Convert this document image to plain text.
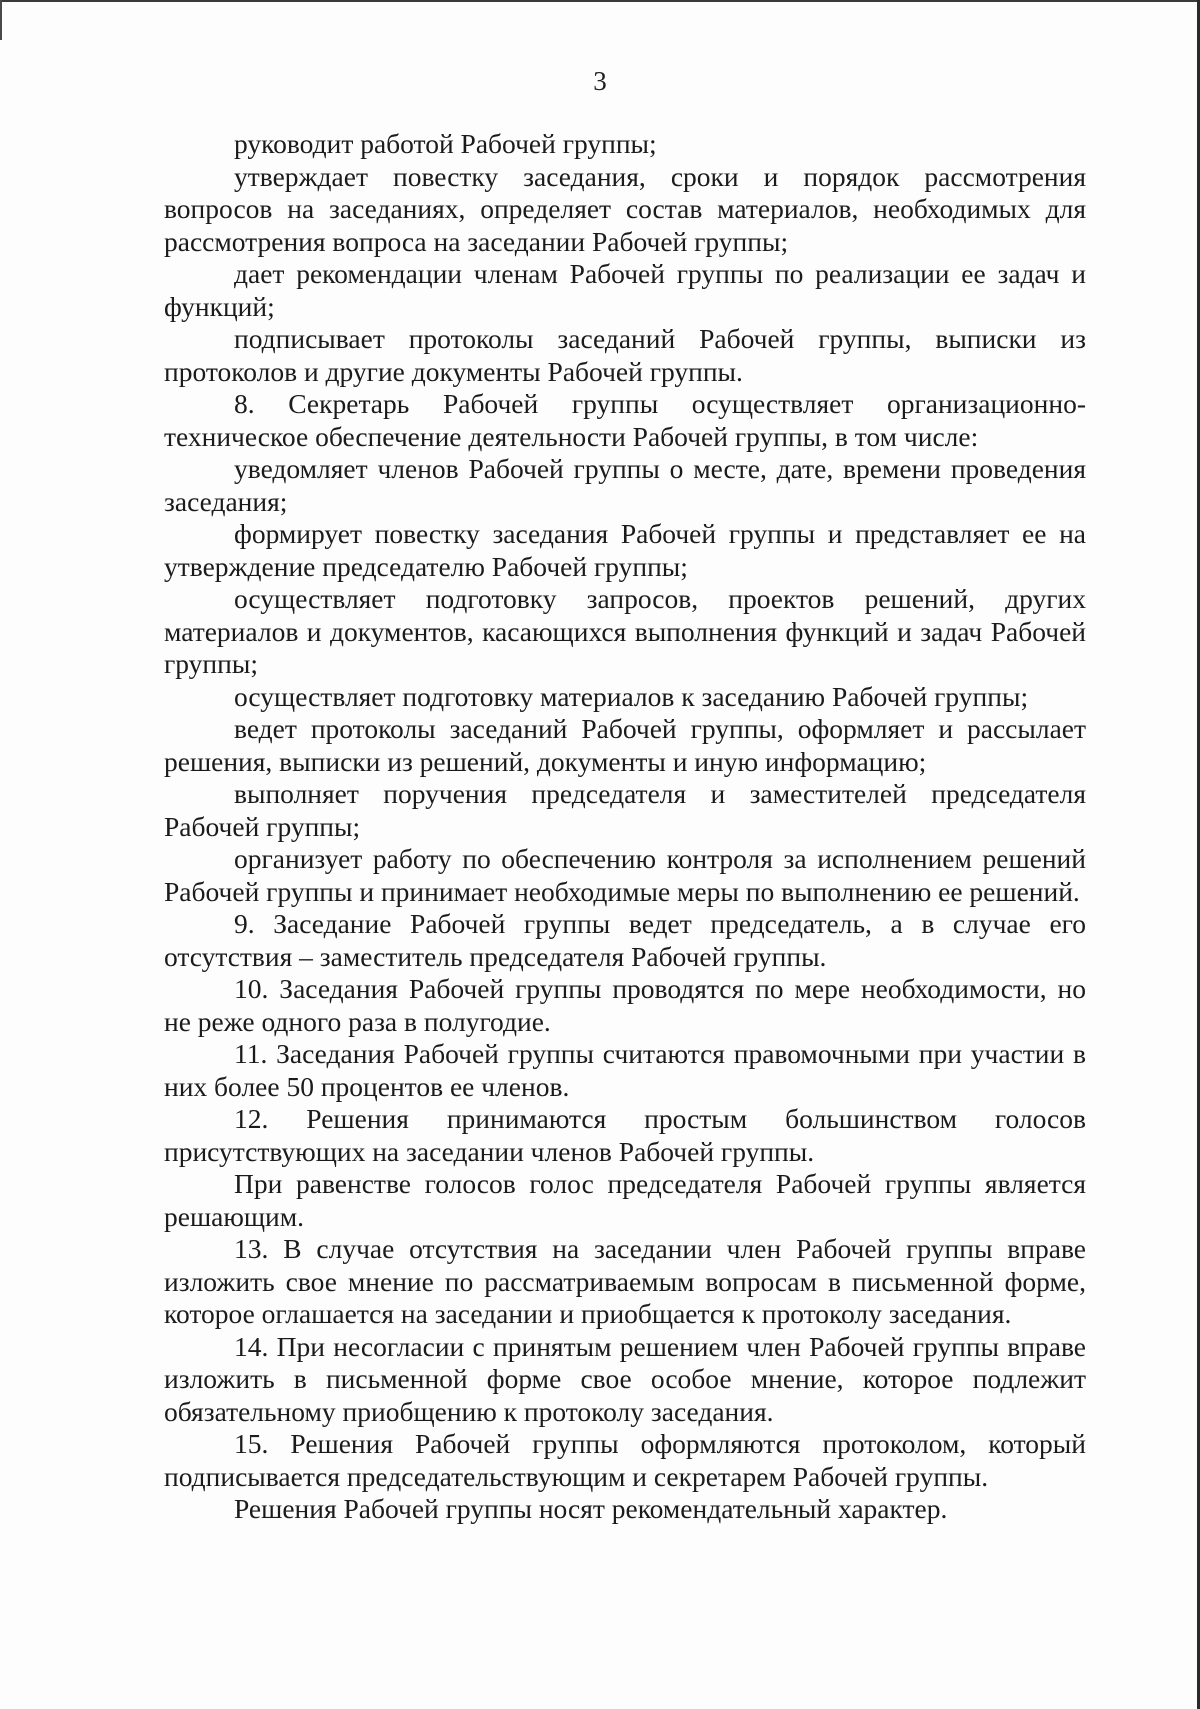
3

руководит работой Рабочей группы;

утверждает повестку заседания, сроки и порядок рассмотрения вопросов на заседаниях, определяет состав материалов, необходимых для рассмотрения вопроса на заседании Рабочей группы;

дает рекомендации членам Рабочей группы по реализации ее задач и функций;

подписывает протоколы заседаний Рабочей группы, выписки из протоколов и другие документы Рабочей группы.

8. Секретарь Рабочей группы осуществляет организационно-техническое обеспечение деятельности Рабочей группы, в том числе:

уведомляет членов Рабочей группы о месте, дате, времени проведения заседания;

формирует повестку заседания Рабочей группы и представляет ее на утверждение председателю Рабочей группы;

осуществляет подготовку запросов, проектов решений, других материалов и документов, касающихся выполнения функций и задач Рабочей группы;

осуществляет подготовку материалов к заседанию Рабочей группы;

ведет протоколы заседаний Рабочей группы, оформляет и рассылает решения, выписки из решений, документы и иную информацию;

выполняет поручения председателя и заместителей председателя Рабочей группы;

организует работу по обеспечению контроля за исполнением решений Рабочей группы и принимает необходимые меры по выполнению ее решений.

9. Заседание Рабочей группы ведет председатель, а в случае его отсутствия – заместитель председателя Рабочей группы.

10. Заседания Рабочей группы проводятся по мере необходимости, но не реже одного раза в полугодие.

11. Заседания Рабочей группы считаются правомочными при участии в них более 50 процентов ее членов.

12. Решения принимаются простым большинством голосов присутствующих на заседании членов Рабочей группы.

При равенстве голосов голос председателя Рабочей группы является решающим.

13. В случае отсутствия на заседании член Рабочей группы вправе изложить свое мнение по рассматриваемым вопросам в письменной форме, которое оглашается на заседании и приобщается к протоколу заседания.

14. При несогласии с принятым решением член Рабочей группы вправе изложить в письменной форме свое особое мнение, которое подлежит обязательному приобщению к протоколу заседания.

15. Решения Рабочей группы оформляются протоколом, который подписывается председательствующим и секретарем Рабочей группы.

Решения Рабочей группы носят рекомендательный характер.
